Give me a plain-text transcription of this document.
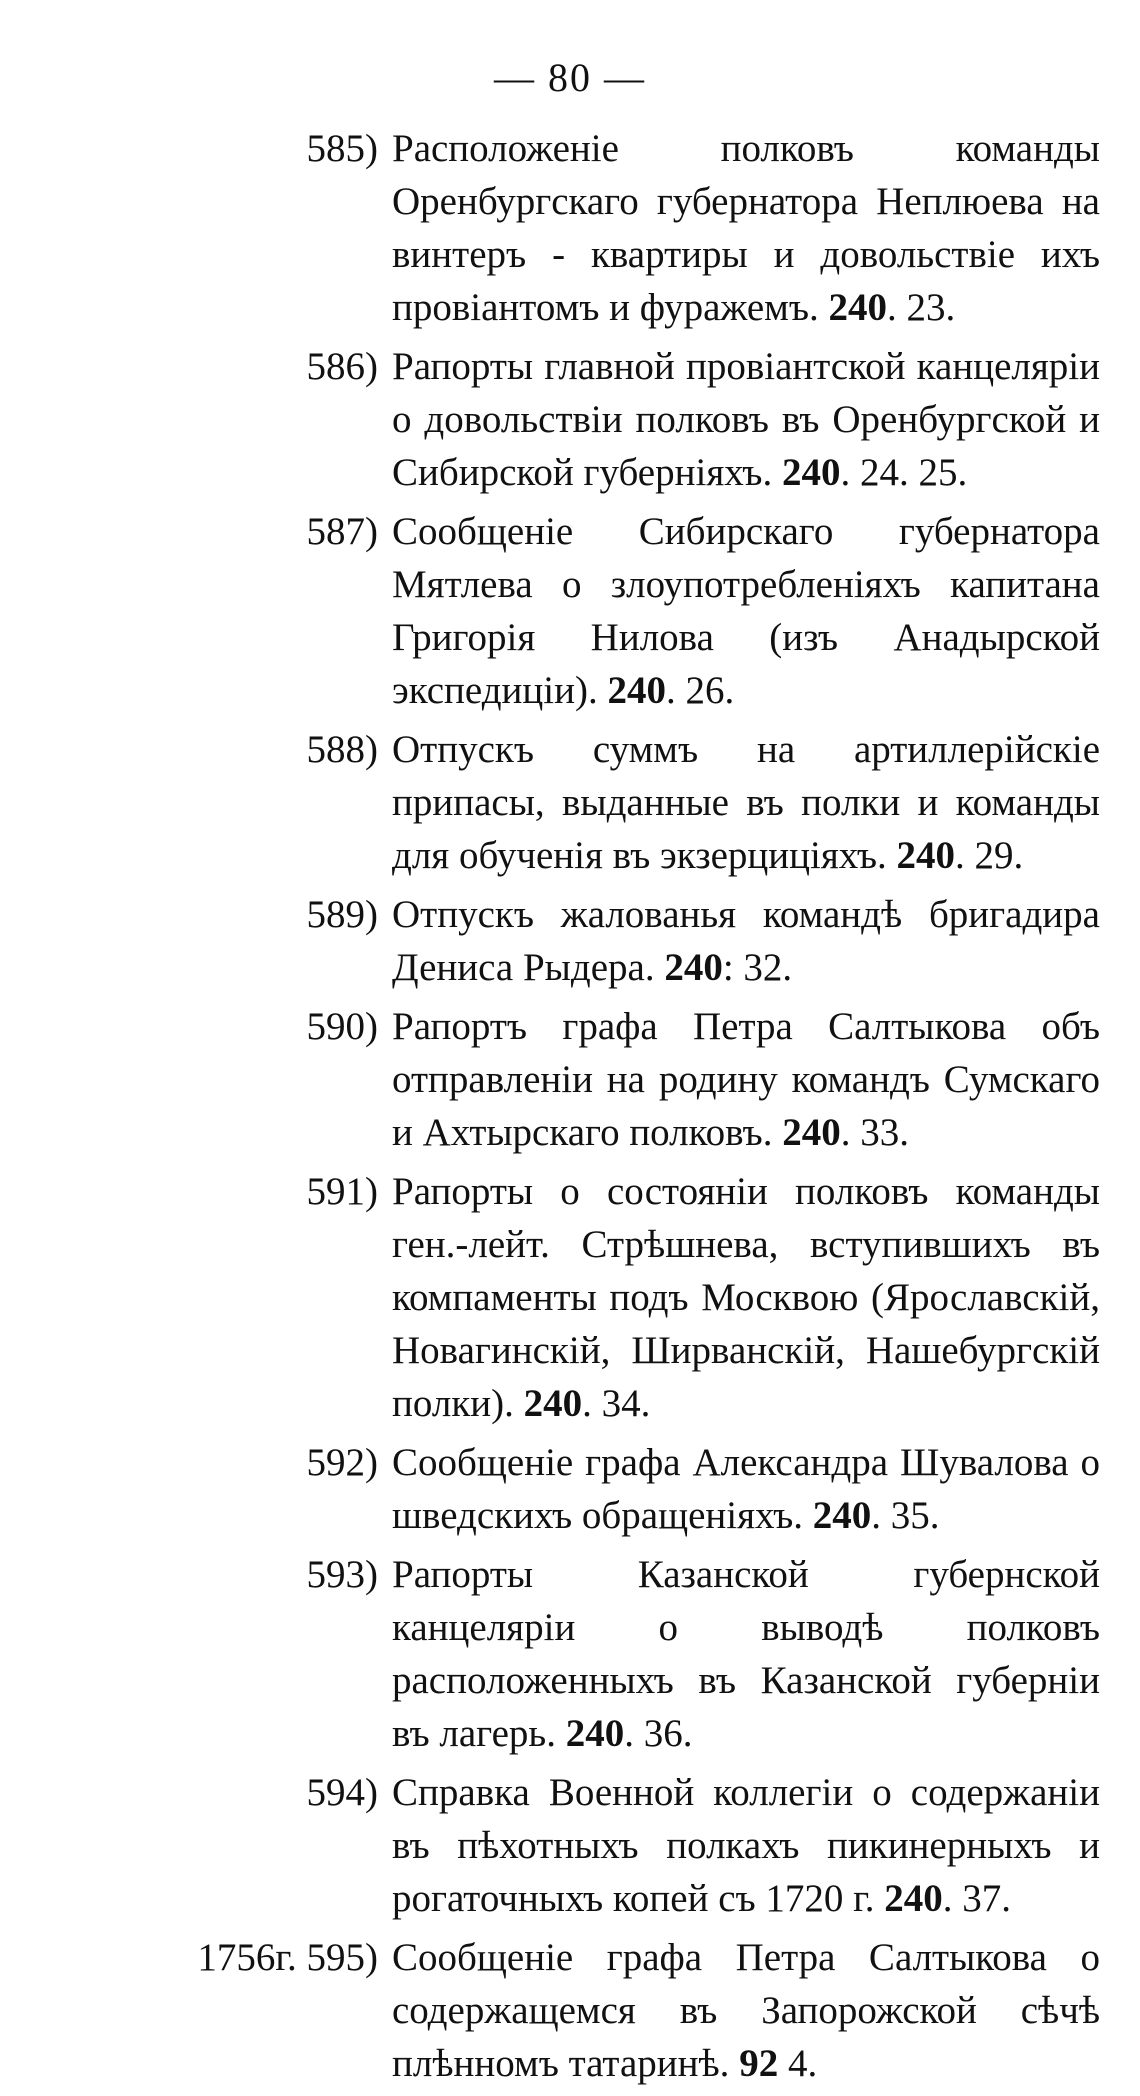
— 80 —
585) Расположеніе полковъ команды Оренбургскаго губернатора Неплюева на винтеръ - квартиры и довольствіе ихъ провіантомъ и фуражемъ. 240. 23.
586) Рапорты главной провіантской канцеляріи о довольствіи полковъ въ Оренбургской и Сибирской губерніяхъ. 240. 24. 25.
587) Сообщеніе Сибирскаго губернатора Мятлева о злоупотребленіяхъ капитана Григорія Нилова (изъ Анадырской экспедиціи). 240. 26.
588) Отпускъ суммъ на артиллерійскіе припасы, выданные въ полки и команды для обученія въ экзерциціяхъ. 240. 29.
589) Отпускъ жалованья командѣ бригадира Дениса Рыдера. 240: 32.
590) Рапортъ графа Петра Салтыкова объ отправленіи на родину командъ Сумскаго и Ахтырскаго полковъ. 240. 33.
591) Рапорты о состояніи полковъ команды ген.-лейт. Стрѣшнева, вступившихъ въ компаменты подъ Москвою (Ярославскій, Новагинскій, Ширванскій, Нашебургскій полки). 240. 34.
592) Сообщеніе графа Александра Шувалова о шведскихъ обращеніяхъ. 240. 35.
593) Рапорты Казанской губернской канцеляріи о выводѣ полковъ расположенныхъ въ Казанской губерніи въ лагерь. 240. 36.
594) Справка Военной коллегіи о содержаніи въ пѣхотныхъ полкахъ пикинерныхъ и рогаточныхъ копей съ 1720 г. 240. 37.
1756г. 595) Сообщеніе графа Петра Салтыкова о содержащемся въ Запорожской сѣчѣ плѣнномъ татаринѣ. 92 4.
